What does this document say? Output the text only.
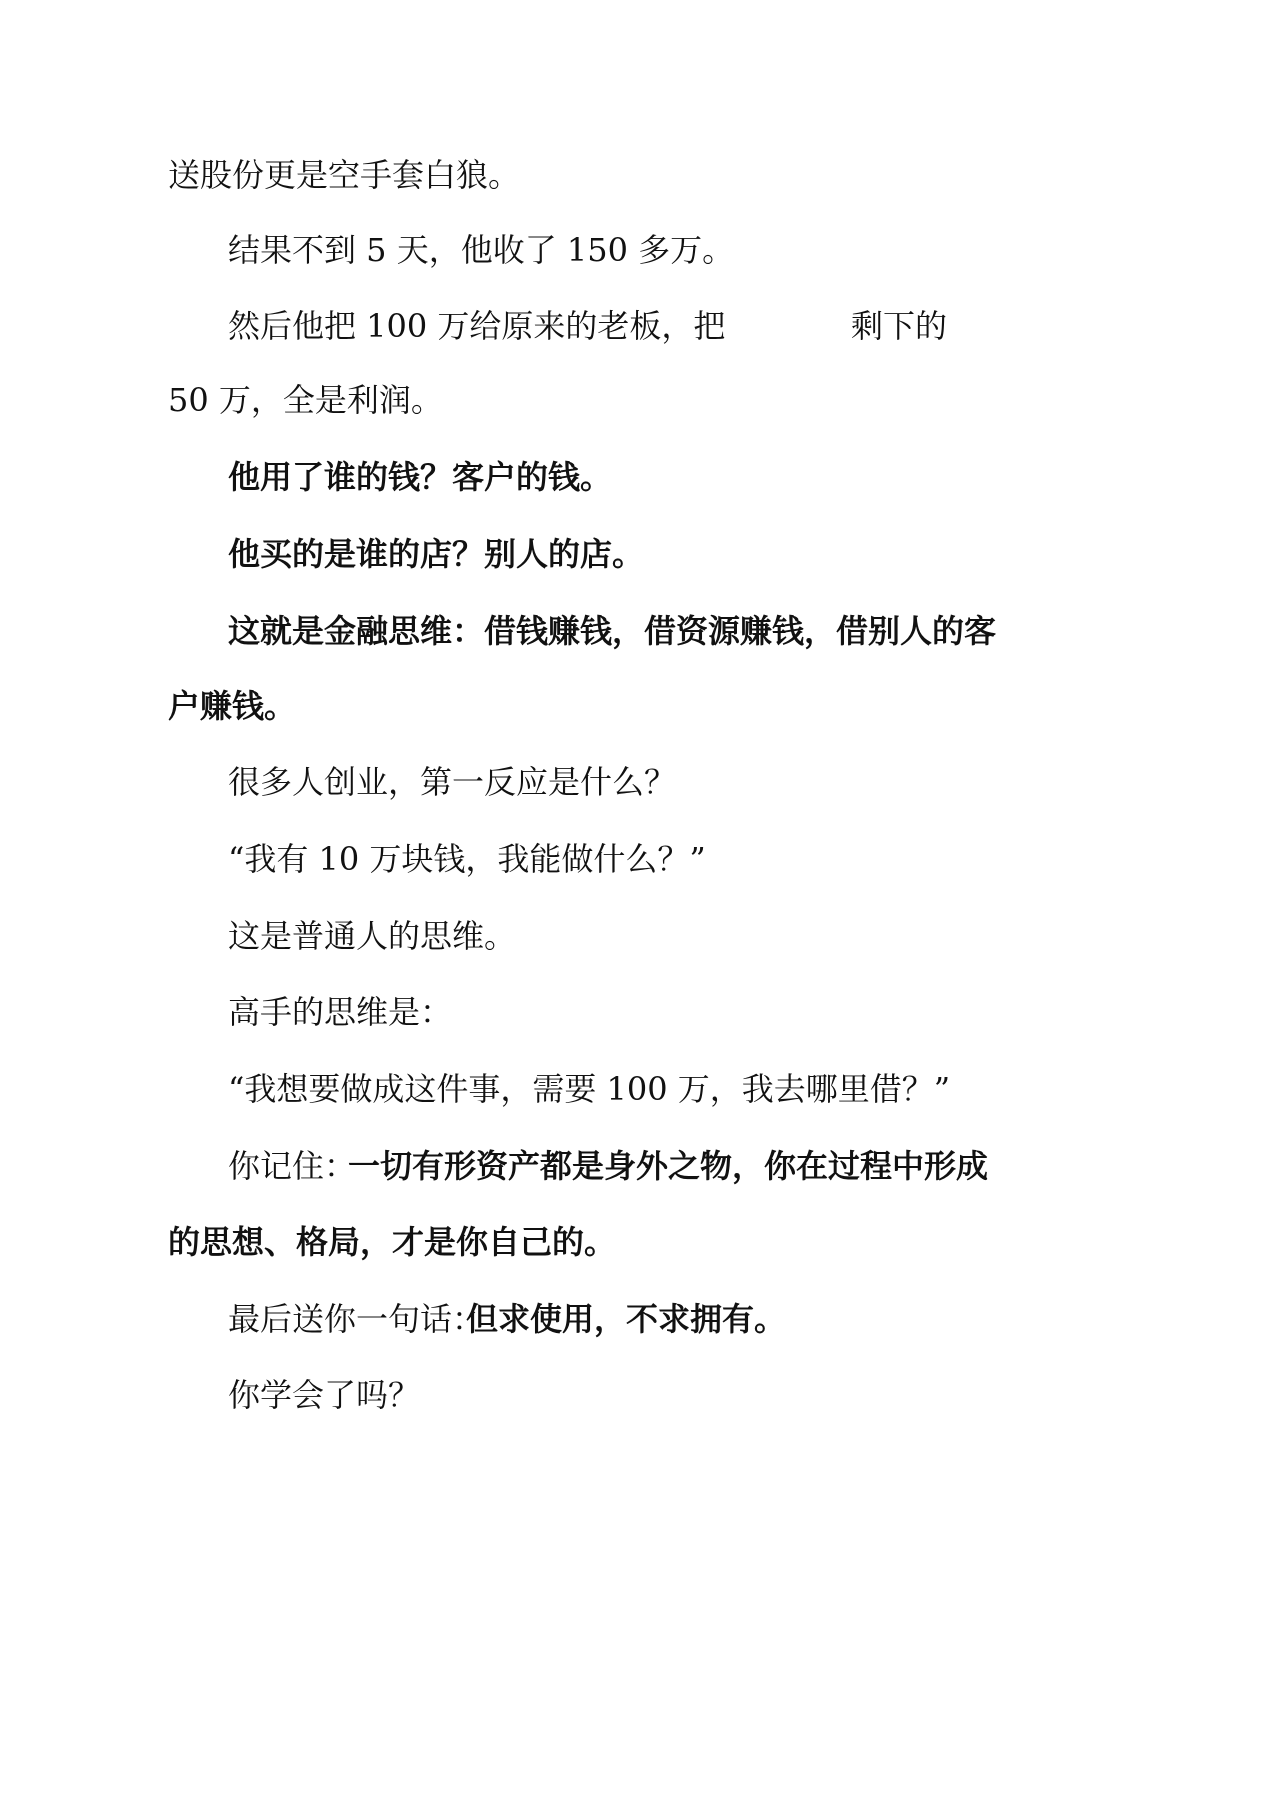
送股份更是空手套白狼。
结果不到 5 天，他收了 150 多万。
然后他把 100 万给原来的老板，把	剩下的
50 万，全是利润。
他用了谁的钱？客户的钱。
他买的是谁的店？别人的店。
这就是金融思维：借钱赚钱，借资源赚钱，借别人的客
户赚钱。
很多人创业，第一反应是什么？
“我有 10 万块钱，我能做什么？”
这是普通人的思维。
高手的思维是：
“我想要做成这件事，需要 100 万，我去哪里借？”
你记住：
一切有形资产都是身外之物，你在过程中形成
的思想、格局，才是你自己的。
最后送你一句话：
但求使用，不求拥有。
你学会了吗？
